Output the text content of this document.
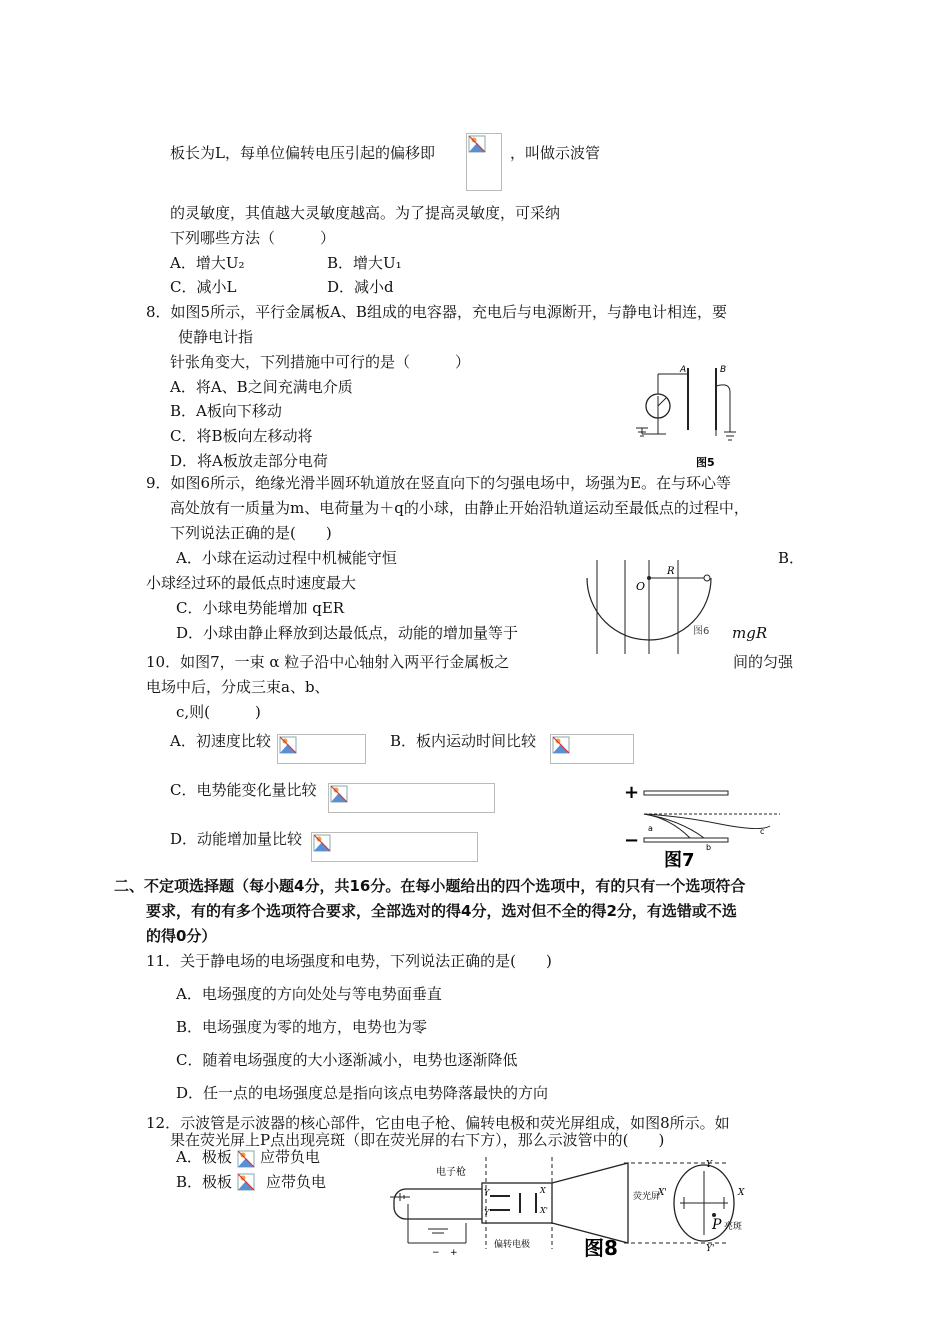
板长为L，每单位偏转电压引起的偏移即	，叫做示波管
的灵敏度，其值越大灵敏度越高。为了提高灵敏度，可采纳
下列哪些方法（　　　）
A．增大U₂	B．增大U₁
C．减小L	D．减小d
8．如图5所示，平行金属板A、B组成的电容器，充电后与电源断开，与静电计相连，要
使静电计指
针张角变大，下列措施中可行的是（　　　）
A．将A、B之间充满电介质
B．A板向下移动
C．将B板向左移动将
D．将A板放走部分电荷
A	B
图5
9．如图6所示，绝缘光滑半圆环轨道放在竖直向下的匀强电场中，场强为E。在与环心等
高处放有一质量为m、电荷量为＋q的小球，由静止开始沿轨道运动至最低点的过程中，
下列说法正确的是(　　)
A．小球在运动过程中机械能守恒	B．
小球经过环的最低点时速度最大
C．小球电势能增加 qER
D．小球由静止释放到达最低点，动能的增加量等于	mgR
O
R
图6
10．如图7，一束 α 粒子沿中心轴射入两平行金属板之	间的匀强
电场中后，分成三束a、b、
c,则(　　　)
A．初速度比较	B．板内运动时间比较
C．电势能变化量比较
D．动能增加量比较
+
−
a
b
c
图7
二、不定项选择题（每小题4分，共16分。在每小题给出的四个选项中，有的只有一个选项符合
要求，有的有多个选项符合要求，全部选对的得4分，选对但不全的得2分，有选错或不选
的得0分）
11．关于静电场的电场强度和电势，下列说法正确的是(　　)
A．电场强度的方向处处与等电势面垂直
B．电场强度为零的地方，电势也为零
C．随着电场强度的大小逐渐减小，电势也逐渐降低
D．任一点的电场强度总是指向该点电势降落最快的方向
12．示波管是示波器的核心部件，它由电子枪、偏转电极和荧光屏组成，如图8所示。如
果在荧光屏上P点出现亮斑（即在荧光屏的右下方），那么示波管中的(　　)
A．极板 应带负电
B．极板 应带负电
电子枪
− +
Y
Y'
X
X'
偏转电极
荧光屏
X'	X
Y
Y'
P 亮斑
图8
